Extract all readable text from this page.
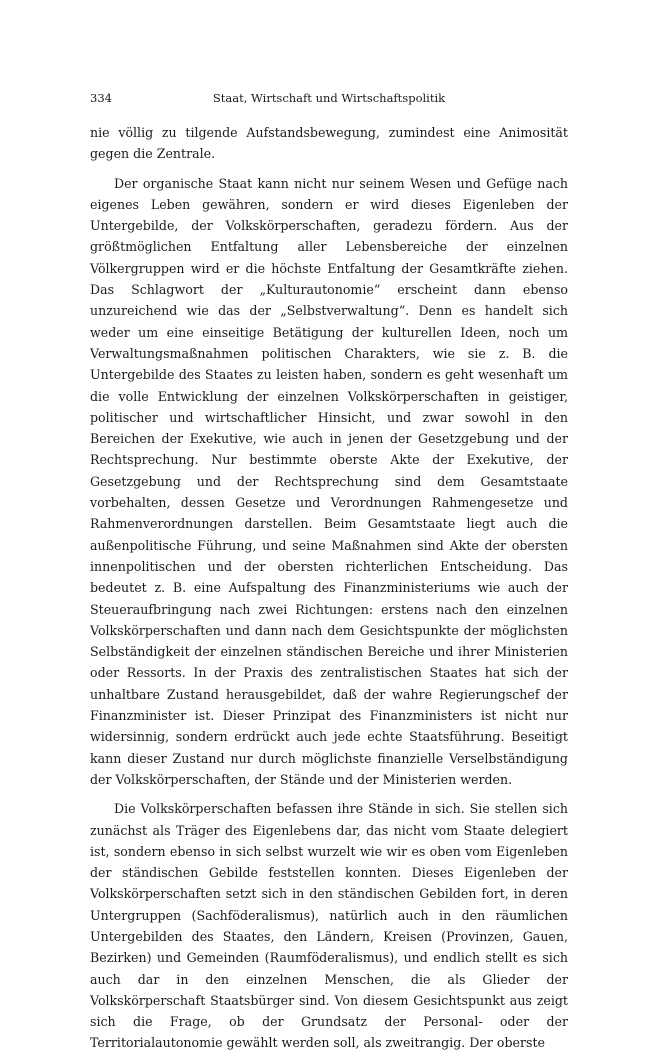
334	Staat, Wirtschaft und Wirtschaftspolitik

nie völlig zu tilgende Aufstandsbewegung, zumindest eine Animosität gegen die Zentrale.

Der organische Staat kann nicht nur seinem Wesen und Gefüge nach eigenes Leben gewähren, sondern er wird dieses Eigenleben der Untergebilde, der Volkskörperschaften, geradezu fördern. Aus der größtmöglichen Entfaltung aller Lebensbereiche der einzelnen Völkergruppen wird er die höchste Entfaltung der Gesamtkräfte ziehen. Das Schlagwort der „Kulturautonomie“ erscheint dann ebenso unzureichend wie das der „Selbstverwaltung“. Denn es handelt sich weder um eine einseitige Betätigung der kulturellen Ideen, noch um Verwaltungsmaßnahmen politischen Charakters, wie sie z. B. die Untergebilde des Staates zu leisten haben, sondern es geht wesenhaft um die volle Entwicklung der einzelnen Volkskörperschaften in geistiger, politischer und wirtschaftlicher Hinsicht, und zwar sowohl in den Bereichen der Exekutive, wie auch in jenen der Gesetzgebung und der Rechtsprechung. Nur bestimmte oberste Akte der Exekutive, der Gesetzgebung und der Rechtsprechung sind dem Gesamtstaate vorbehalten, dessen Gesetze und Verordnungen Rahmengesetze und Rahmenverordnungen darstellen. Beim Gesamtstaate liegt auch die außenpolitische Führung, und seine Maßnahmen sind Akte der obersten innenpolitischen und der obersten richterlichen Entscheidung. Das bedeutet z. B. eine Aufspaltung des Finanzministeriums wie auch der Steueraufbringung nach zwei Richtungen: erstens nach den einzelnen Volkskörperschaften und dann nach dem Gesichtspunkte der möglichsten Selbständigkeit der einzelnen ständischen Bereiche und ihrer Ministerien oder Ressorts. In der Praxis des zentralistischen Staates hat sich der unhaltbare Zustand herausgebildet, daß der wahre Regierungschef der Finanzminister ist. Dieser Prinzipat des Finanzministers ist nicht nur widersinnig, sondern erdrückt auch jede echte Staatsführung. Beseitigt kann dieser Zustand nur durch möglichste finanzielle Verselbständigung der Volkskörperschaften, der Stände und der Ministerien werden.

Die Volkskörperschaften befassen ihre Stände in sich. Sie stellen sich zunächst als Träger des Eigenlebens dar, das nicht vom Staate delegiert ist, sondern ebenso in sich selbst wurzelt wie wir es oben vom Eigenleben der ständischen Gebilde feststellen konnten. Dieses Eigenleben der Volkskörperschaften setzt sich in den ständischen Gebilden fort, in deren Untergruppen (Sachföderalismus), natürlich auch in den räumlichen Untergebilden des Staates, den Ländern, Kreisen (Provinzen, Gauen, Bezirken) und Gemeinden (Raumföderalismus), und endlich stellt es sich auch dar in den einzelnen Menschen, die als Glieder der Volkskörperschaft Staatsbürger sind. Von diesem Gesichtspunkt aus zeigt sich die Frage, ob der Grundsatz der Personal- oder der Territorialautonomie gewählt werden soll, als zweitrangig. Der oberste
